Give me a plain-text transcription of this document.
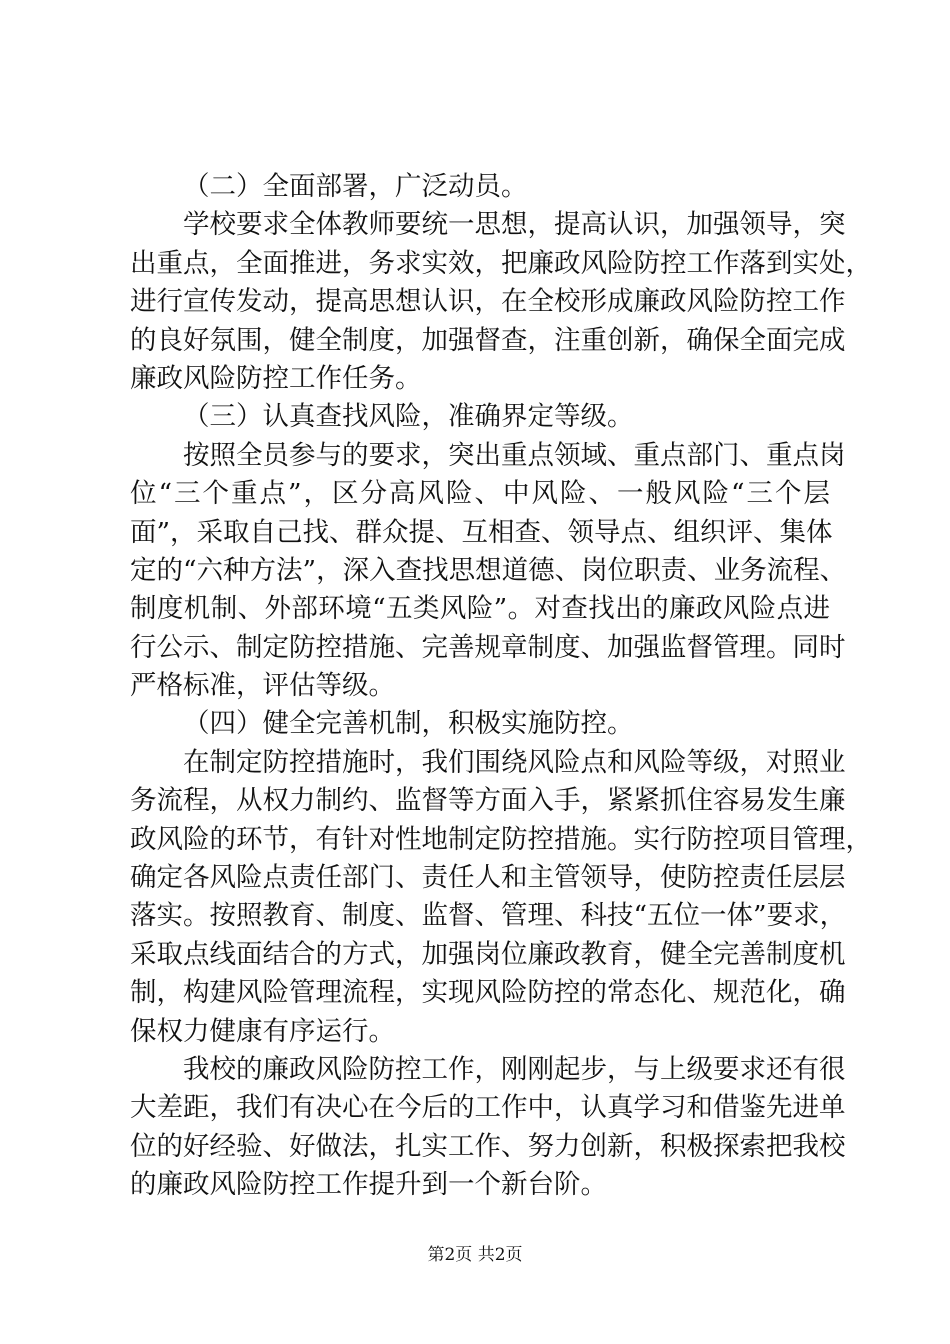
（二）全面部署，广泛动员。
学校要求全体教师要统一思想，提高认识，加强领导，突
出重点，全面推进，务求实效，把廉政风险防控工作落到实处，
进行宣传发动，提高思想认识，在全校形成廉政风险防控工作
的良好氛围，健全制度，加强督查，注重创新，确保全面完成
廉政风险防控工作任务。
（三）认真查找风险，准确界定等级。
按照全员参与的要求，突出重点领域、重点部门、重点岗
位“三个重点”，区分高风险、中风险、一般风险“三个层
面”，采取自己找、群众提、互相查、领导点、组织评、集体
定的“六种方法”，深入查找思想道德、岗位职责、业务流程、
制度机制、外部环境“五类风险”。对查找出的廉政风险点进
行公示、制定防控措施、完善规章制度、加强监督管理。同时
严格标准，评估等级。
（四）健全完善机制，积极实施防控。
在制定防控措施时，我们围绕风险点和风险等级，对照业
务流程，从权力制约、监督等方面入手，紧紧抓住容易发生廉
政风险的环节，有针对性地制定防控措施。实行防控项目管理，
确定各风险点责任部门、责任人和主管领导，使防控责任层层
落实。按照教育、制度、监督、管理、科技“五位一体”要求，
采取点线面结合的方式，加强岗位廉政教育，健全完善制度机
制，构建风险管理流程，实现风险防控的常态化、规范化，确
保权力健康有序运行。
我校的廉政风险防控工作，刚刚起步，与上级要求还有很
大差距，我们有决心在今后的工作中，认真学习和借鉴先进单
位的好经验、好做法，扎实工作、努力创新，积极探索把我校
的廉政风险防控工作提升到一个新台阶。
第2页 共2页
